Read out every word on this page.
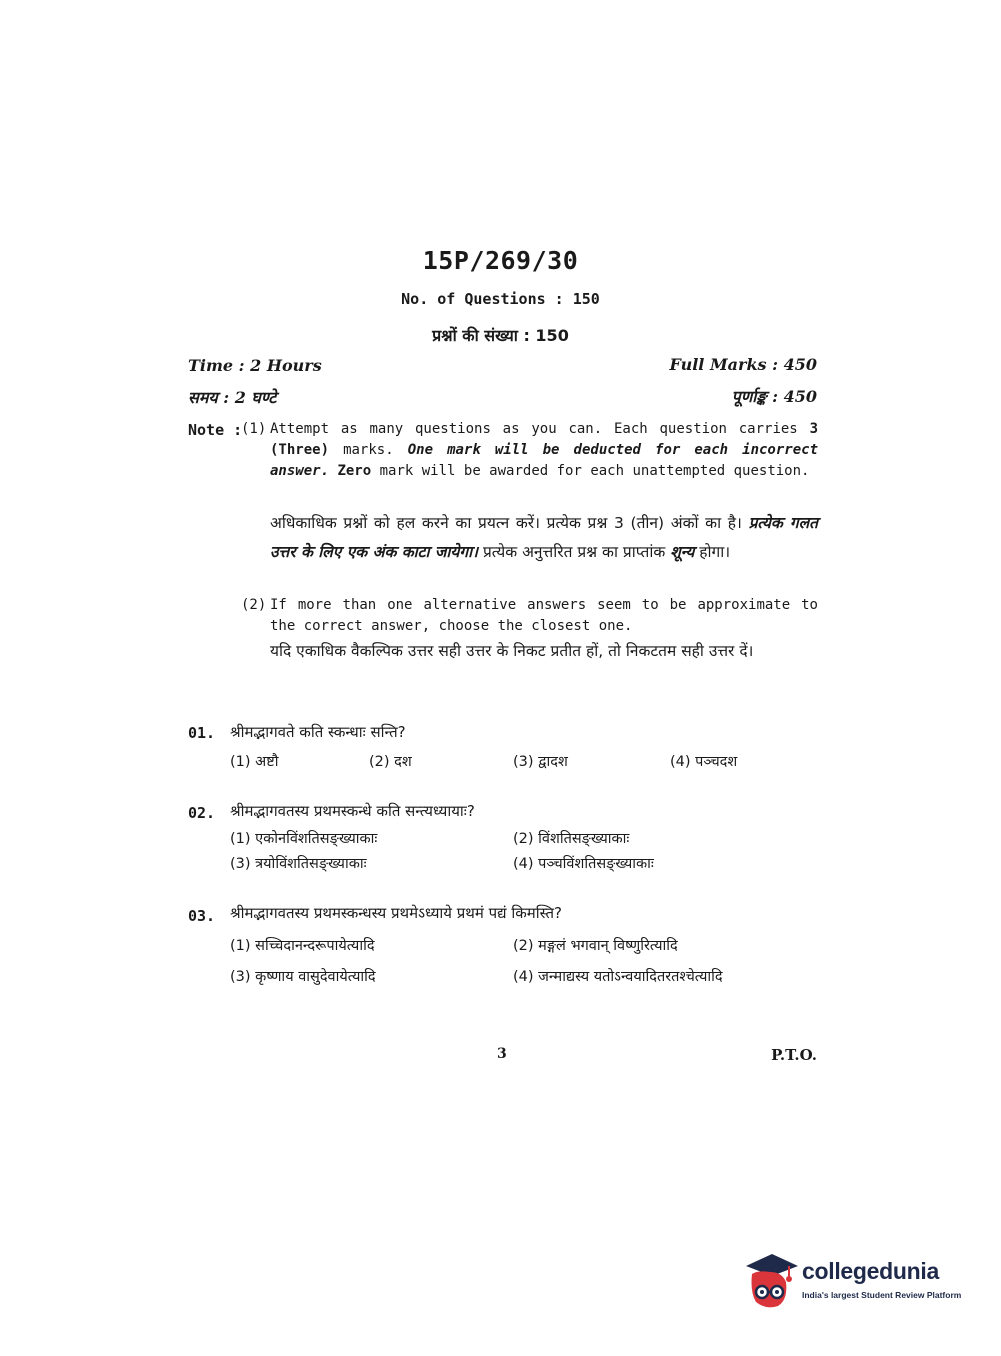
15P/269/30
No. of Questions : 150
प्रश्नों की संख्या : 150
Time : 2 Hours
समय : 2 घण्टे
Full Marks : 450
पूर्णाङ्क : 450
Note :
(1) Attempt as many questions as you can. Each question carries 3 (Three) marks. One mark will be deducted for each incorrect answer. Zero mark will be awarded for each unattempted question.
अधिकाधिक प्रश्नों को हल करने का प्रयत्न करें। प्रत्येक प्रश्न 3 (तीन) अंकों का है। प्रत्येक गलत उत्तर के लिए एक अंक काटा जायेगा। प्रत्येक अनुत्तरित प्रश्न का प्राप्तांक शून्य होगा।
(2) If more than one alternative answers seem to be approximate to the correct answer, choose the closest one.
यदि एकाधिक वैकल्पिक उत्तर सही उत्तर के निकट प्रतीत हों, तो निकटतम सही उत्तर दें।
01. श्रीमद्भागवते कति स्कन्धाः सन्ति?
(1) अष्टौ	(2) दश	(3) द्वादश	(4) पञ्चदश
02. श्रीमद्भागवतस्य प्रथमस्कन्धे कति सन्त्यध्यायाः?
(1) एकोनविंशतिसङ्ख्याकाः	(2) विंशतिसङ्ख्याकाः
(3) त्रयोविंशतिसङ्ख्याकाः	(4) पञ्चविंशतिसङ्ख्याकाः
03. श्रीमद्भागवतस्य प्रथमस्कन्धस्य प्रथमेऽध्याये प्रथमं पद्यं किमस्ति?
(1) सच्चिदानन्दरूपायेत्यादि	(2) मङ्गलं भगवान् विष्णुरित्यादि
(3) कृष्णाय वासुदेवायेत्यादि	(4) जन्माद्यस्य यतोऽन्वयादितरतश्चेत्यादि
3	P.T.O.
collegedunia
India's largest Student Review Platform
